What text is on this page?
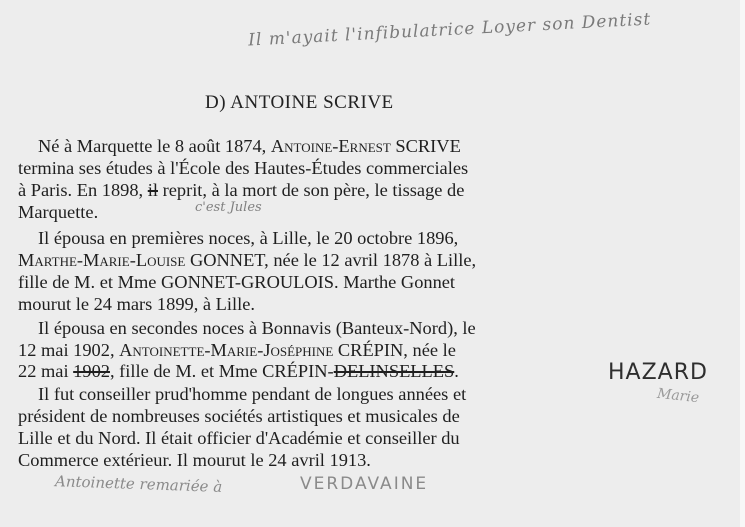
Il m'ayait l'infibulatrice Loyer son Dentist
D) ANTOINE SCRIVE
Né à Marquette le 8 août 1874, Antoine-Ernest SCRIVE
termina ses études à l'École des Hautes-Études commerciales
à Paris. En 1898, il reprit, à la mort de son père, le tissage de
Marquette.	c'est Jules
Il épousa en premières noces, à Lille, le 20 octobre 1896,
Marthe-Marie-Louise GONNET, née le 12 avril 1878 à Lille,
fille de M. et Mme GONNET-GROULOIS. Marthe Gonnet
mourut le 24 mars 1899, à Lille.
Il épousa en secondes noces à Bonnavis (Banteux-Nord), le
12 mai 1902, Antoinette-Marie-Joséphine CRÉPIN, née le
22 mai 1902, fille de M. et Mme CRÉPIN-DELINSELLES.	HAZARD
Marie
Il fut conseiller prud'homme pendant de longues années et
président de nombreuses sociétés artistiques et musicales de
Lille et du Nord. Il était officier d'Académie et conseiller du
Commerce extérieur. Il mourut le 24 avril 1913.
Antoinette remariée à	VERDAVAINE
